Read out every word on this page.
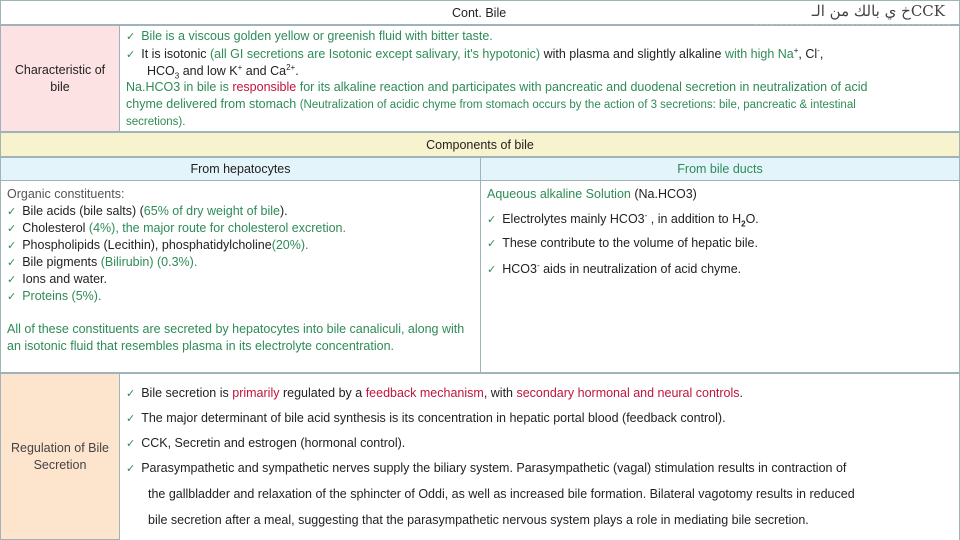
Cont. Bile	خ ي بالك من الـCCK
Characteristic of bile
✓ Bile is a viscous golden yellow or greenish fluid with bitter taste.
✓ It is isotonic (all GI secretions are Isotonic except salivary, it's hypotonic) with plasma and slightly alkaline with high Na+, Cl-,
$HCO_3$ and low K+ and $Ca^{2+}$.
Na.HCO3 in bile is responsible for its alkaline reaction and participates with pancreatic and duodenal secretion in neutralization of acid
chyme delivered from stomach (Neutralization of acidic chyme from stomach occurs by the action of 3 secretions: bile, pancreatic & intestinal
secretions).
Components of bile
From hepatocytes	From bile ducts
Organic constituents:
✓ Bile acids (bile salts) (65% of dry weight of bile).
✓ Cholesterol (4%), the major route for cholesterol excretion.
✓ Phospholipids (Lecithin), phosphatidylcholine(20%).
✓ Bile pigments (Bilirubin) (0.3%).
✓ Ions and water.
✓ Proteins (5%).
All of these constituents are secreted by hepatocytes into bile canaliculi, along with an isotonic fluid that resembles plasma in its electrolyte concentration.
Aqueous alkaline Solution (Na.HCO3)
✓ Electrolytes mainly HCO3- , in addition to $H_2O$.
✓ These contribute to the volume of hepatic bile.
✓ HCO3- aids in neutralization of acid chyme.
Regulation of Bile Secretion
✓ Bile secretion is primarily regulated by a feedback mechanism, with secondary hormonal and neural controls.
✓ The major determinant of bile acid synthesis is its concentration in hepatic portal blood (feedback control).
✓ CCK, Secretin and estrogen (hormonal control).
✓ Parasympathetic and sympathetic nerves supply the biliary system. Parasympathetic (vagal) stimulation results in contraction of
the gallbladder and relaxation of the sphincter of Oddi, as well as increased bile formation. Bilateral vagotomy results in reduced
bile secretion after a meal, suggesting that the parasympathetic nervous system plays a role in mediating bile secretion.
